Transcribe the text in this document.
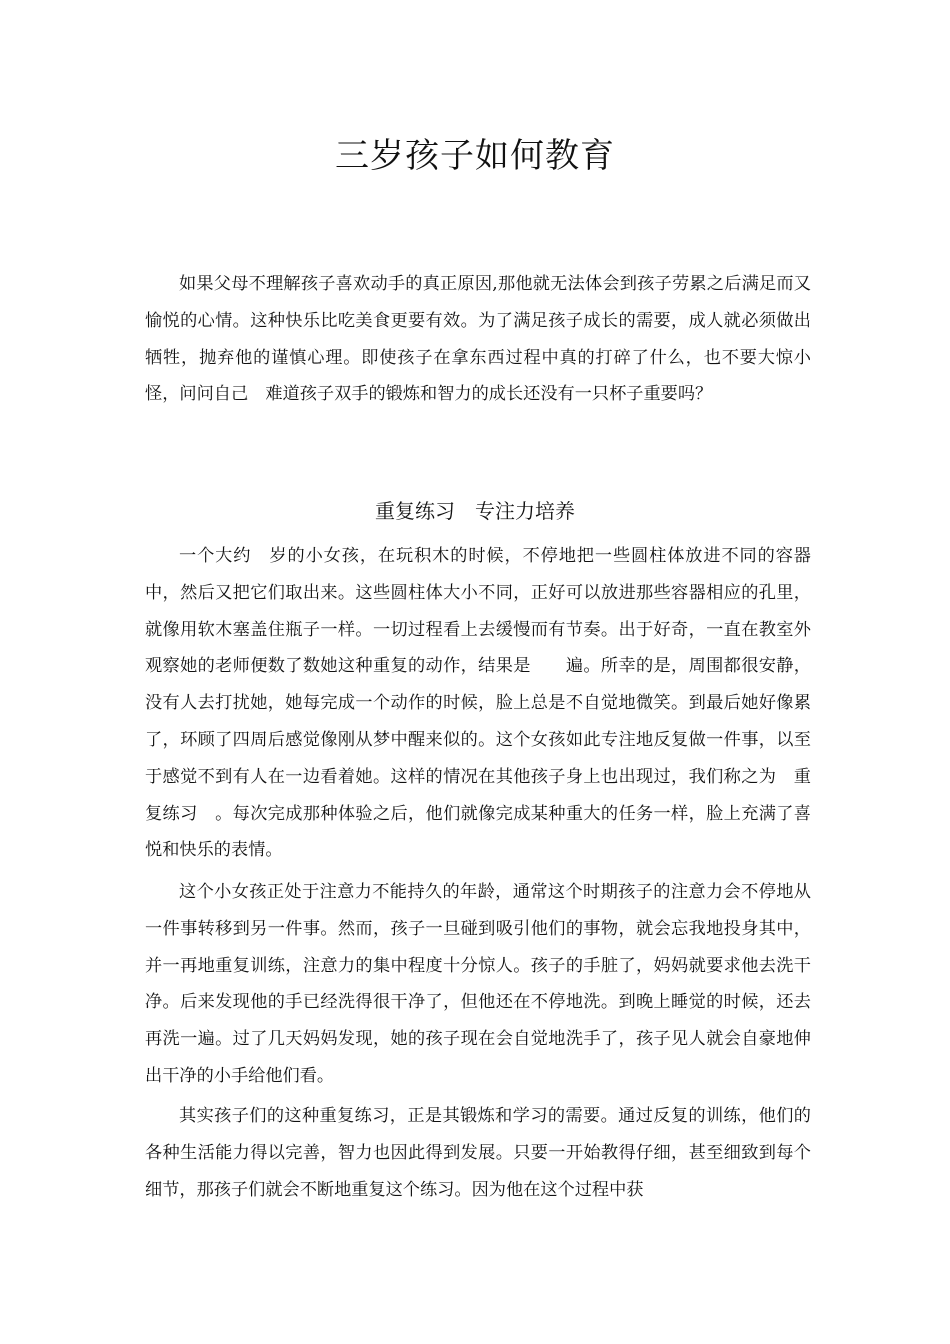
三岁孩子如何教育

如果父母不理解孩子喜欢动手的真正原因,那他就无法体会到孩子劳累之后满足而又愉悦的心情。这种快乐比吃美食更要有效。为了满足孩子成长的需要，成人就必须做出牺牲，抛弃他的谨慎心理。即使孩子在拿东西过程中真的打碎了什么，也不要大惊小怪，问问自己　难道孩子双手的锻炼和智力的成长还没有一只杯子重要吗？

重复练习　专注力培养

一个大约　岁的小女孩，在玩积木的时候，不停地把一些圆柱体放进不同的容器中，然后又把它们取出来。这些圆柱体大小不同，正好可以放进那些容器相应的孔里，就像用软木塞盖住瓶子一样。一切过程看上去缓慢而有节奏。出于好奇，一直在教室外观察她的老师便数了数她这种重复的动作，结果是　　遍。所幸的是，周围都很安静，没有人去打扰她，她每完成一个动作的时候，脸上总是不自觉地微笑。到最后她好像累了，环顾了四周后感觉像刚从梦中醒来似的。这个女孩如此专注地反复做一件事，以至于感觉不到有人在一边看着她。这样的情况在其他孩子身上也出现过，我们称之为　重复练习　。每次完成那种体验之后，他们就像完成某种重大的任务一样，脸上充满了喜悦和快乐的表情。

这个小女孩正处于注意力不能持久的年龄，通常这个时期孩子的注意力会不停地从一件事转移到另一件事。然而，孩子一旦碰到吸引他们的事物，就会忘我地投身其中，并一再地重复训练，注意力的集中程度十分惊人。孩子的手脏了，妈妈就要求他去洗干净。后来发现他的手已经洗得很干净了，但他还在不停地洗。到晚上睡觉的时候，还去再洗一遍。过了几天妈妈发现，她的孩子现在会自觉地洗手了，孩子见人就会自豪地伸出干净的小手给他们看。

其实孩子们的这种重复练习，正是其锻炼和学习的需要。通过反复的训练，他们的各种生活能力得以完善，智力也因此得到发展。只要一开始教得仔细，甚至细致到每个细节，那孩子们就会不断地重复这个练习。因为他在这个过程中获
